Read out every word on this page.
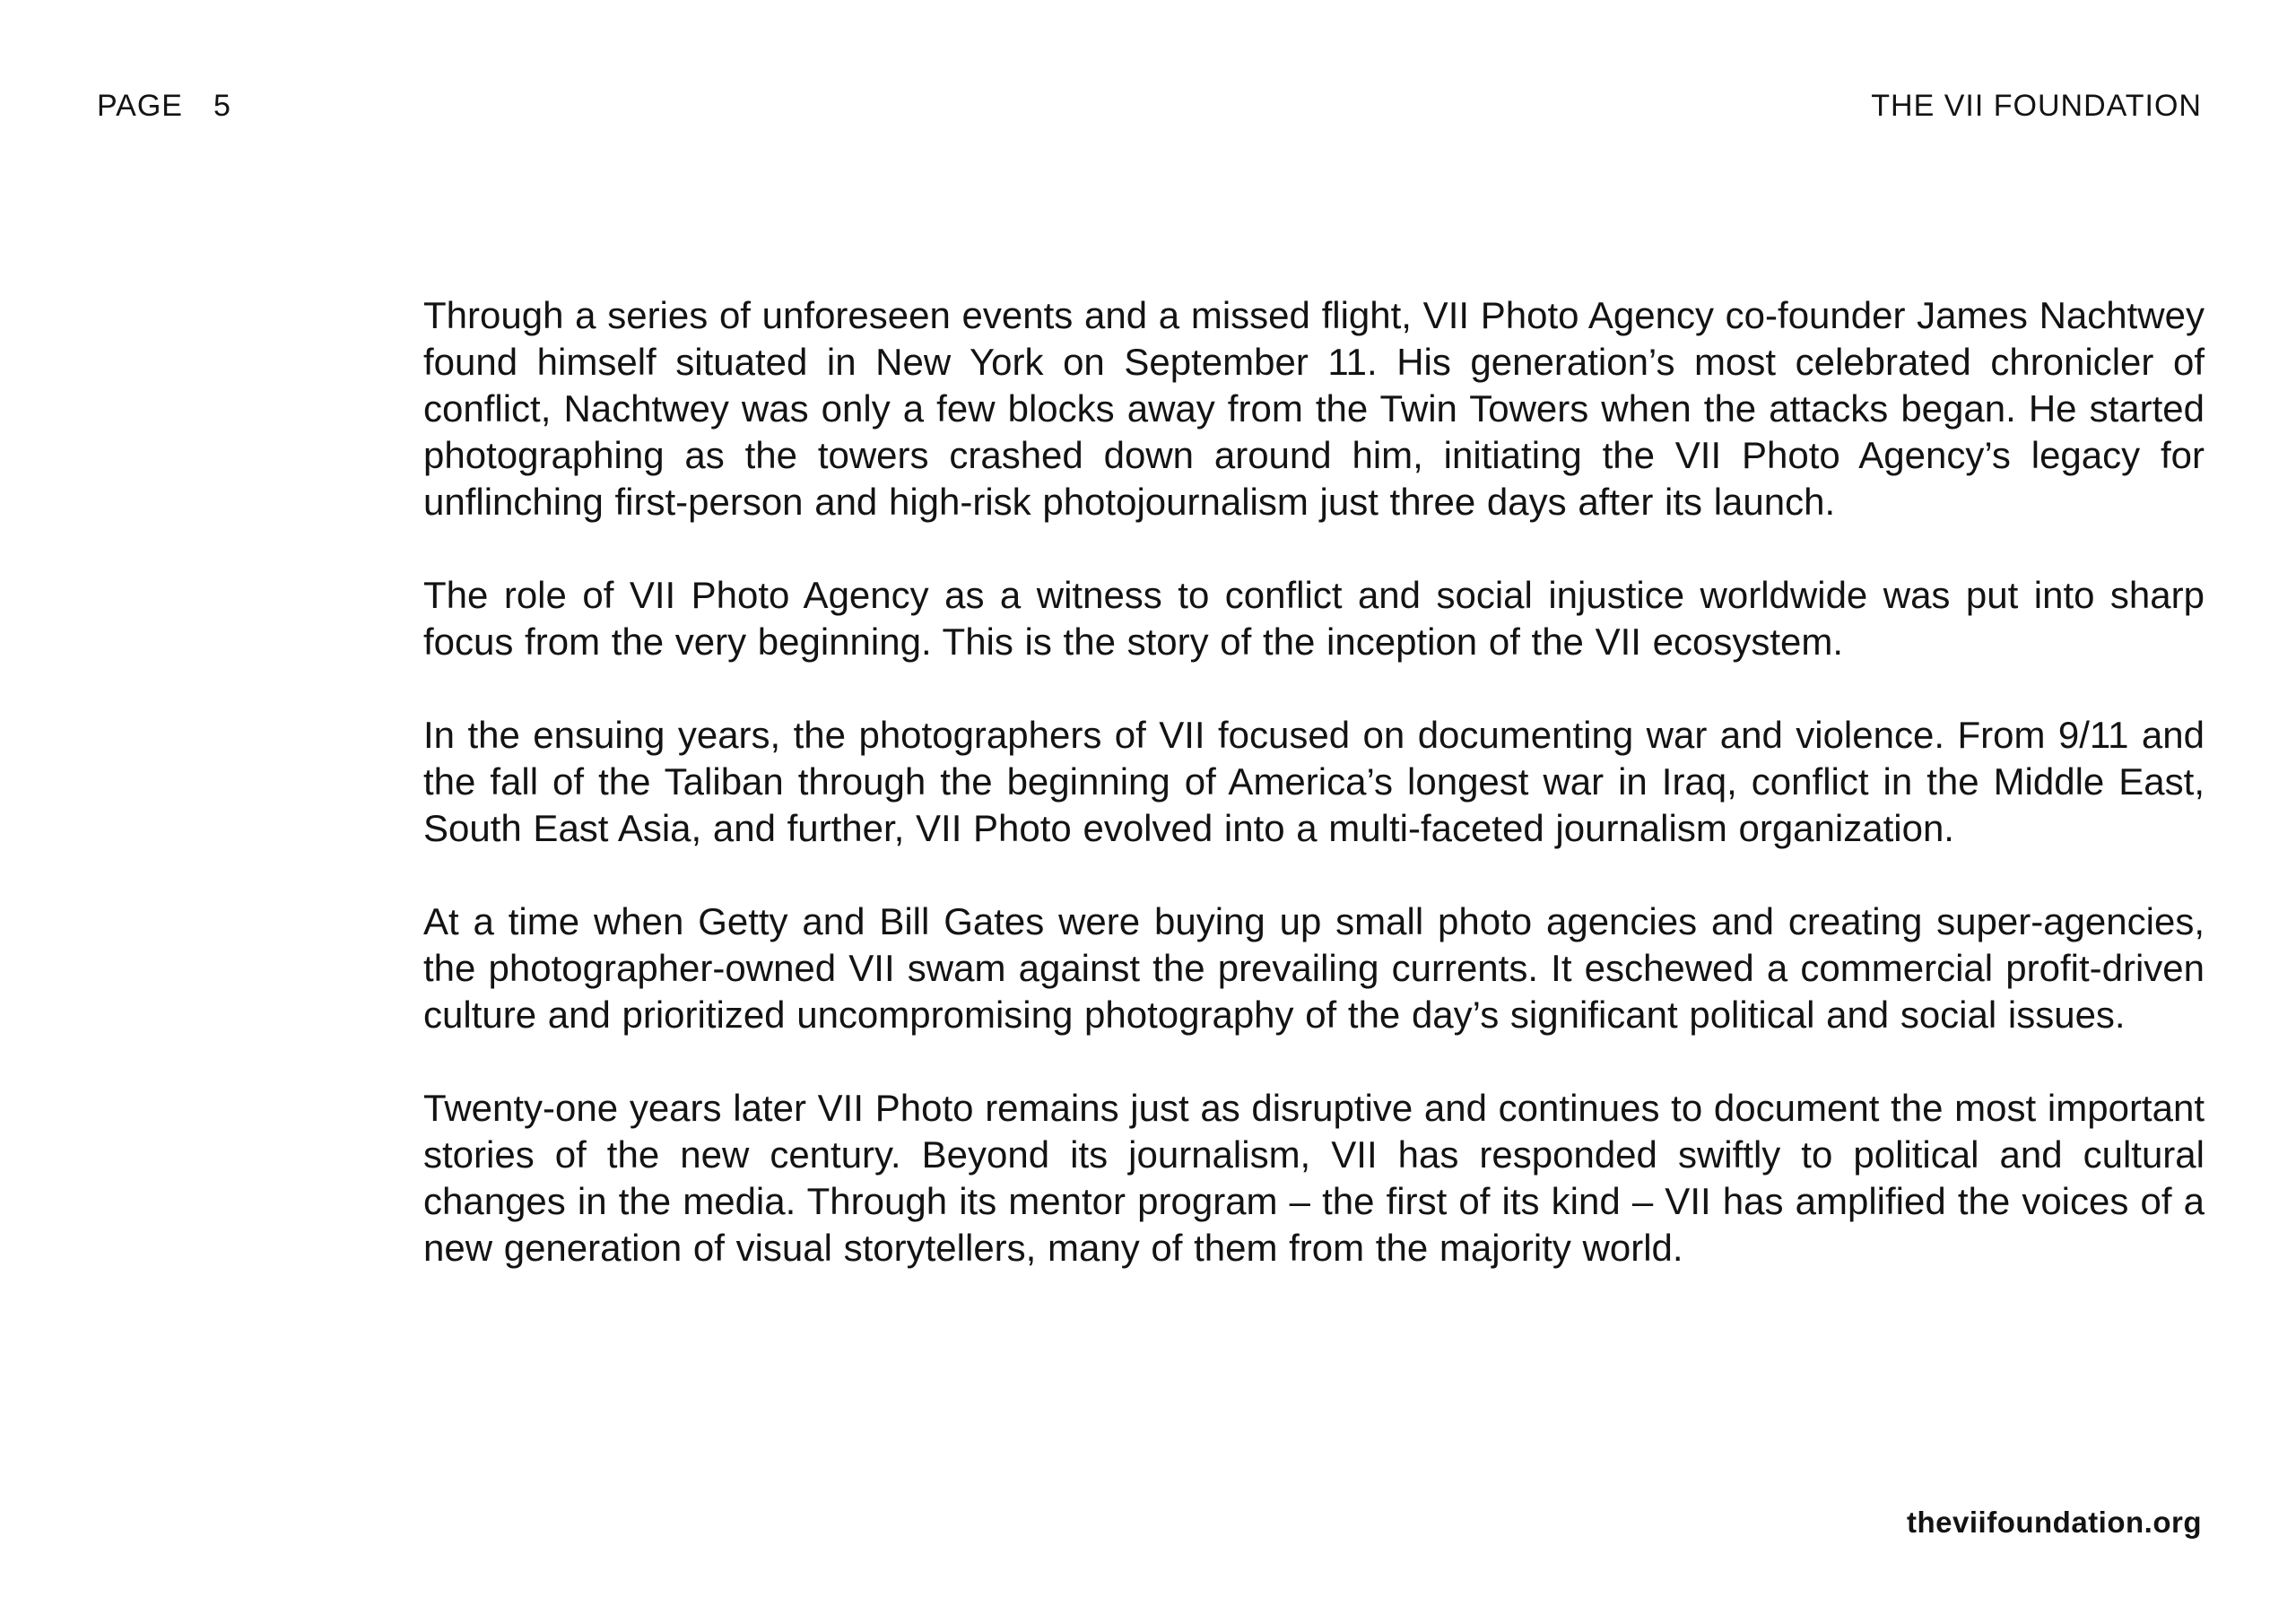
PAGE 5	THE VII FOUNDATION

Through a series of unforeseen events and a missed flight, VII Photo Agency co-founder James Nachtwey found himself situated in New York on September 11. His generation’s most celebrated chronicler of conflict, Nachtwey was only a few blocks away from the Twin Towers when the attacks began. He started photographing as the towers crashed down around him, initiating the VII Photo Agency’s legacy for unflinching first-person and high-risk photojournalism just three days after its launch.

The role of VII Photo Agency as a witness to conflict and social injustice worldwide was put into sharp focus from the very beginning. This is the story of the inception of the VII ecosystem.

In the ensuing years, the photographers of VII focused on documenting war and violence. From 9/11 and the fall of the Taliban through the beginning of America’s longest war in Iraq, conflict in the Middle East, South East Asia, and further, VII Photo evolved into a multi-faceted journalism organization.

At a time when Getty and Bill Gates were buying up small photo agencies and creating super-agencies, the photographer-owned VII swam against the prevailing currents. It eschewed a commercial profit-driven culture and prioritized uncompromising photography of the day’s significant political and social issues.

Twenty-one years later VII Photo remains just as disruptive and continues to document the most important stories of the new century. Beyond its journalism, VII has responded swiftly to political and cultural changes in the media. Through its mentor program – the first of its kind – VII has amplified the voices of a new generation of visual storytellers, many of them from the majority world.

theviifoundation.org
